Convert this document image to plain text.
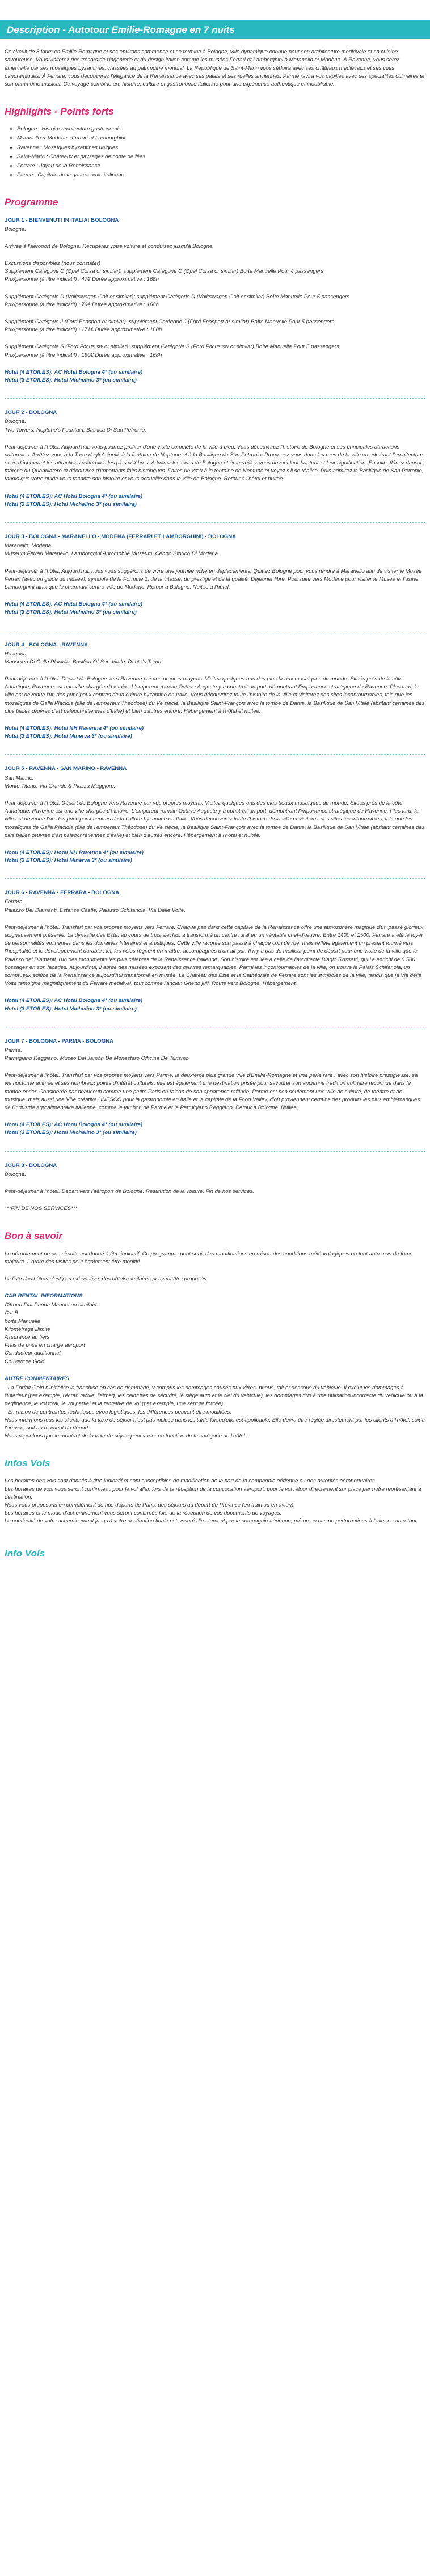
Description - Autotour Emilie-Romagne en 7 nuits

Ce circuit de 8 jours en Emilie-Romagne et ses environs commence et se termine à Bologne, ville dynamique connue pour son architecture médiévale et sa cuisine savoureuse. Vous visiterez des trésors de l'ingénierie et du design italien comme les musées Ferrari et Lamborghini à Maranello et Modène. À Ravenne, vous serez émerveillé par ses mosaïques byzantines, classées au patrimoine mondial. La République de Saint-Marin vous séduira avec ses châteaux médiévaux et ses vues panoramiques. À Ferrare, vous découvrirez l'élégance de la Renaissance avec ses palais et ses ruelles anciennes. Parme ravira vos papilles avec ses spécialités culinaires et son patrimoine musical. Ce voyage combine art, histoire, culture et gastronomie italienne pour une expérience authentique et inoubliable.

Highlights - Points forts
• Bologne : Histoire architecture gastronomie
• Maranello & Modène : Ferrari et Lamborghini
• Ravenne : Mosaïques byzantines uniques
• Saint-Marin : Châteaux et paysages de conte de fées
• Ferrare : Joyau de la Renaissance
• Parme : Capitale de la gastronomie italienne.
Programme
JOUR 1 - BIENVENUTI IN ITALIA! BOLOGNA
Bologne.

Arrivée à l'aéroport de Bologne. Récupérez votre voiture et conduisez jusqu'à Bologne.

Excursions disponibles (nous consulter)
Supplément Catégorie C (Opel Corsa or similar): supplément Catégorie C (Opel Corsa or similar) Boîte Manuelle Pour 4 passengers
Prix/personne (à titre indicatif) : 47€ Durée approximative : 168h

Supplément Catégorie D (Volkswagen Golf or similar): supplément Catégorie D (Volkswagen Golf or similar) Boîte Manuelle Pour 5 passengers
Prix/personne (à titre indicatif) : 79€ Durée approximative : 168h

Supplément Catégorie J (Ford Ecosport or similar): supplément Catégorie J (Ford Ecosport or similar) Boîte Manuelle Pour 5 passengers
Prix/personne (à titre indicatif) : 171€ Durée approximative : 168h

Supplément Catégorie S (Ford Focus sw or similar): supplément Catégorie S (Ford Focus sw or similar) Boîte Manuelle Pour 5 passengers
Prix/personne (à titre indicatif) : 190€ Durée approximative : 168h

Hotel (4 ETOILES): AC Hotel Bologna 4* (ou similaire)
Hotel (3 ETOILES): Hotel Michelino 3* (ou similaire)
JOUR 2 - BOLOGNA
Bologne.
Two Towers, Neptune's Fountain, Basilica Di San Petronio.

Petit-déjeuner à l'hôtel. Aujourd'hui, vous pourrez profiter d'une visite complète de la ville à pied. Vous découvrirez l'histoire de Bologne et ses principales attractions culturelles. Arrêtez-vous à la Torre degli Asinelli, à la fontaine de Neptune et à la Basilique de San Petronio. Promenez-vous dans les rues de la ville en admirant l'architecture et en découvrant les attractions culturelles les plus célèbres. Admirez les tours de Bologne et émerveillez-vous devant leur hauteur et leur signification. Ensuite, flânez dans le marché du Quadrilatero et découvrez d'importants faits historiques. Faites un vœu à la fontaine de Neptune et voyez s'il se réalise. Puis admirez la Basilique de San Petronio, tandis que votre guide vous raconte son histoire et vous accueille dans la ville de Bologne. Retour à l'hôtel et nuitée.

Hotel (4 ETOILES): AC Hotel Bologna 4* (ou similaire)
Hotel (3 ETOILES): Hotel Michelino 3* (ou similaire)
JOUR 3 - BOLOGNA - MARANELLO - MODENA (FERRARI ET LAMBORGHINI) - BOLOGNA
Maranello, Modena.
Museum Ferrari Maranello, Lamborghini Automobile Museum, Centro Storico Di Modena.

Petit-déjeuner à l'hôtel. Aujourd'hui, nous vous suggérons de vivre une journée riche en déplacements. Quittez Bologne pour vous rendre à Maranello afin de visiter le Musée Ferrari (avec un guide du musée), symbole de la Formule 1, de la vitesse, du prestige et de la qualité. Déjeuner libre. Poursuite vers Modène pour visiter le Musée et l'usine Lamborghini ainsi que le charmant centre-ville de Modène. Retour à Bologne. Nuitée à l'hôtel.

Hotel (4 ETOILES): AC Hotel Bologna 4* (ou similaire)
Hotel (3 ETOILES): Hotel Michelino 3* (ou similaire)
JOUR 4 - BOLOGNA - RAVENNA
Ravenna.
Mausoleo Di Galla Placidia, Basilica Of San Vitale, Dante's Tomb.

Petit-déjeuner à l'hôtel. Départ de Bologne vers Ravenne par vos propres moyens. Visitez quelques-uns des plus beaux mosaïques du monde. Situés près de la côte Adriatique, Ravenne est une ville chargée d'histoire. L'empereur romain Octave Auguste y a construit un port, démontrant l'importance stratégique de Ravenne. Plus tard, la ville est devenue l'un des principaux centres de la culture byzantine en Italie. Vous découvrirez toute l'histoire de la ville et visiterez des sites incontournables, tels que les mosaïques de Galla Placidia (fille de l'empereur Théodose) du Ve siècle, la Basilique Saint-François avec la tombe de Dante, la Basilique de San Vitale (abritant certaines des plus belles œuvres d'art paléochrétiennes d'Italie) et bien d'autres encore. Hébergement à l'hôtel et nuitée.

Hotel (4 ETOILES): Hotel NH Ravenna 4* (ou similaire)
Hotel (3 ETOILES): Hotel Minerva 3* (ou similaire)
JOUR 5 - RAVENNA - SAN MARINO - RAVENNA
San Marino.
Monte Titano, Via Grande & Piazza Maggiore.

Petit-déjeuner à l'hôtel. Départ de Bologne vers Ravenne par vos propres moyens. Visitez quelques-uns des plus beaux mosaïques du monde. Situés près de la côte Adriatique, Ravenne est une ville chargée d'histoire. L'empereur romain Octave Auguste y a construit un port, démontrant l'importance stratégique de Ravenne. Plus tard, la ville est devenue l'un des principaux centres de la culture byzantine en Italie. Vous découvrirez toute l'histoire de la ville et visiterez des sites incontournables, tels que les mosaïques de Galla Placidia (fille de l'empereur Théodose) du Ve siècle, la Basilique Saint-François avec la tombe de Dante, la Basilique de San Vitale (abritant certaines des plus belles œuvres d'art paléochrétiennes d'Italie) et bien d'autres encore. Hébergement à l'hôtel et nuitée.

Hotel (4 ETOILES): Hotel NH Ravenna 4* (ou similaire)
Hotel (3 ETOILES): Hotel Minerva 3* (ou similaire)
JOUR 6 - RAVENNA - FERRARA - BOLOGNA
Ferrara.
Palazzo Dei Diamanti, Estense Castle, Palazzo Schifanoia, Via Delle Volte.

Petit-déjeuner à l'hôtel. Transfert par vos propres moyens vers Ferrare. Chaque pas dans cette capitale de la Renaissance offre une atmosphère magique d'un passé glorieux, soigneusement préservé. La dynastie des Este, au cours de trois siècles, a transformé un centre rural en un véritable chef-d'œuvre. Entre 1400 et 1500, Ferrare a été le foyer de personnalités éminentes dans les domaines littéraires et artistiques. Cette ville raconte son passé à chaque coin de rue, mais reflète également un présent tourné vers l'hospitalité et le développement durable : ici, les vélos règnent en maître, accompagnés d'un air pur. Il n'y a pas de meilleur point de départ pour une visite de la ville que le Palazzo dei Diamanti, l'un des monuments les plus célèbres de la Renaissance italienne. Son histoire est liée à celle de l'architecte Biagio Rossetti, qui l'a enrichi de 8 500 bossages en son façades. Aujourd'hui, il abrite des musées exposant des œuvres remarquables. Parmi les incontournables de la ville, on trouve le Palais Schifanoia, un somptueux édifice de la Renaissance aujourd'hui transformé en musée. Le Château des Este et la Cathédrale de Ferrare sont les symboles de la ville, tandis que la Via delle Volte témoigne magnifiquement du Ferrare médiéval, tout comme l'ancien Ghetto juif. Route vers Bologne. Hébergement.

Hotel (4 ETOILES): AC Hotel Bologna 4* (ou similaire)
Hotel (3 ETOILES): Hotel Michelino 3* (ou similaire)
JOUR 7 - BOLOGNA - PARMA - BOLOGNA
Parma.
Parmigiano Reggiano, Museo Del Jamón De Monestero Officina De Turismo.

Petit-déjeuner à l'hôtel. Transfert par vos propres moyens vers Parme, la deuxième plus grande ville d'Emilie-Romagne et une perle rare : avec son histoire prestigieuse, sa vie nocturne animée et ses nombreux points d'intérêt culturels, elle est également une destination prisée pour savourer son ancienne tradition culinaire reconnue dans le monde entier. Considérée par beaucoup comme une petite Paris en raison de son apparence raffinée, Parme est non seulement une ville de culture, de théâtre et de musique, mais aussi une Ville créative UNESCO pour la gastronomie en Italie et la capitale de la Food Valley, d'où proviennent certains des produits les plus emblématiques de l'industrie agroalimentaire italienne, comme le jambon de Parme et le Parmigiano Reggiano. Retour à Bologne. Nuitée.

Hotel (4 ETOILES): AC Hotel Bologna 4* (ou similaire)
Hotel (3 ETOILES): Hotel Michelino 3* (ou similaire)
JOUR 8 - BOLOGNA
Bologne.

Petit-déjeuner à l'hôtel. Départ vers l'aéroport de Bologne. Restitution de la voiture. Fin de nos services.

***FIN DE NOS SERVICES***

Bon à savoir

Le déroulement de nos circuits est donné à titre indicatif. Ce programme peut subir des modifications en raison des conditions météorologiques ou tout autre cas de force majeure. L'ordre des visites peut également être modifié.

La liste des hôtels n'est pas exhaustive, des hôtels similaires peuvent être proposés

CAR RENTAL INFORMATIONS
Citroen Fiat Panda Manuel ou similaire
Cat B
boîte Manuelle
Kilométrage illimité
Assurance au tiers
Frais de prise en charge aeroport
Conducteur additionnel
Couverture Gold
AUTRE COMMENTAIRES
- La Forfait Gold n'initialise la franchise en cas de dommage, y compris les dommages causés aux vitres, pneus, toit et dessous du véhicule. Il exclut les dommages à l'intérieur (par exemple, l'écran tactile, l'airbag, les ceintures de sécurité, le siège auto et le ciel du véhicule), les dommages dus à une utilisation incorrecte du véhicule ou à la négligence, le vol total, le vol partiel et la tentative de vol (par exemple, une serrure forcée).
- En raison de contraintes techniques et/ou logistiques, les différences peuvent être modifiées.
Nous informons tous les clients que la taxe de séjour n'est pas incluse dans les tarifs lorsqu'elle est applicable. Elle devra être réglée directement par les clients à l'hôtel, soit à l'arrivée, soit au moment du départ.
Nous rappelons que le montant de la taxe de séjour peut varier en fonction de la catégorie de l'hôtel.
Infos Vols
Les horaires des vols sont donnés à titre indicatif et sont susceptibles de modification de la part de la compagnie aérienne ou des autorités aéroportuaires.
Les horaires de vols vous seront confirmés : pour le vol aller, lors de la réception de la convocation aéroport, pour le vol retour directement sur place par notre représentant à destination.
Nous vous proposons en complément de nos départs de Paris, des séjours au départ de Province (en train ou en avion).
Les horaires et le mode d'acheminement vous seront confirmés lors de la réception de vos documents de voyages.
La continuité de votre acheminement jusqu'à votre destination finale est assuré directement par la compagnie aérienne, même en cas de perturbations à l'aller ou au retour.
Info Vols
